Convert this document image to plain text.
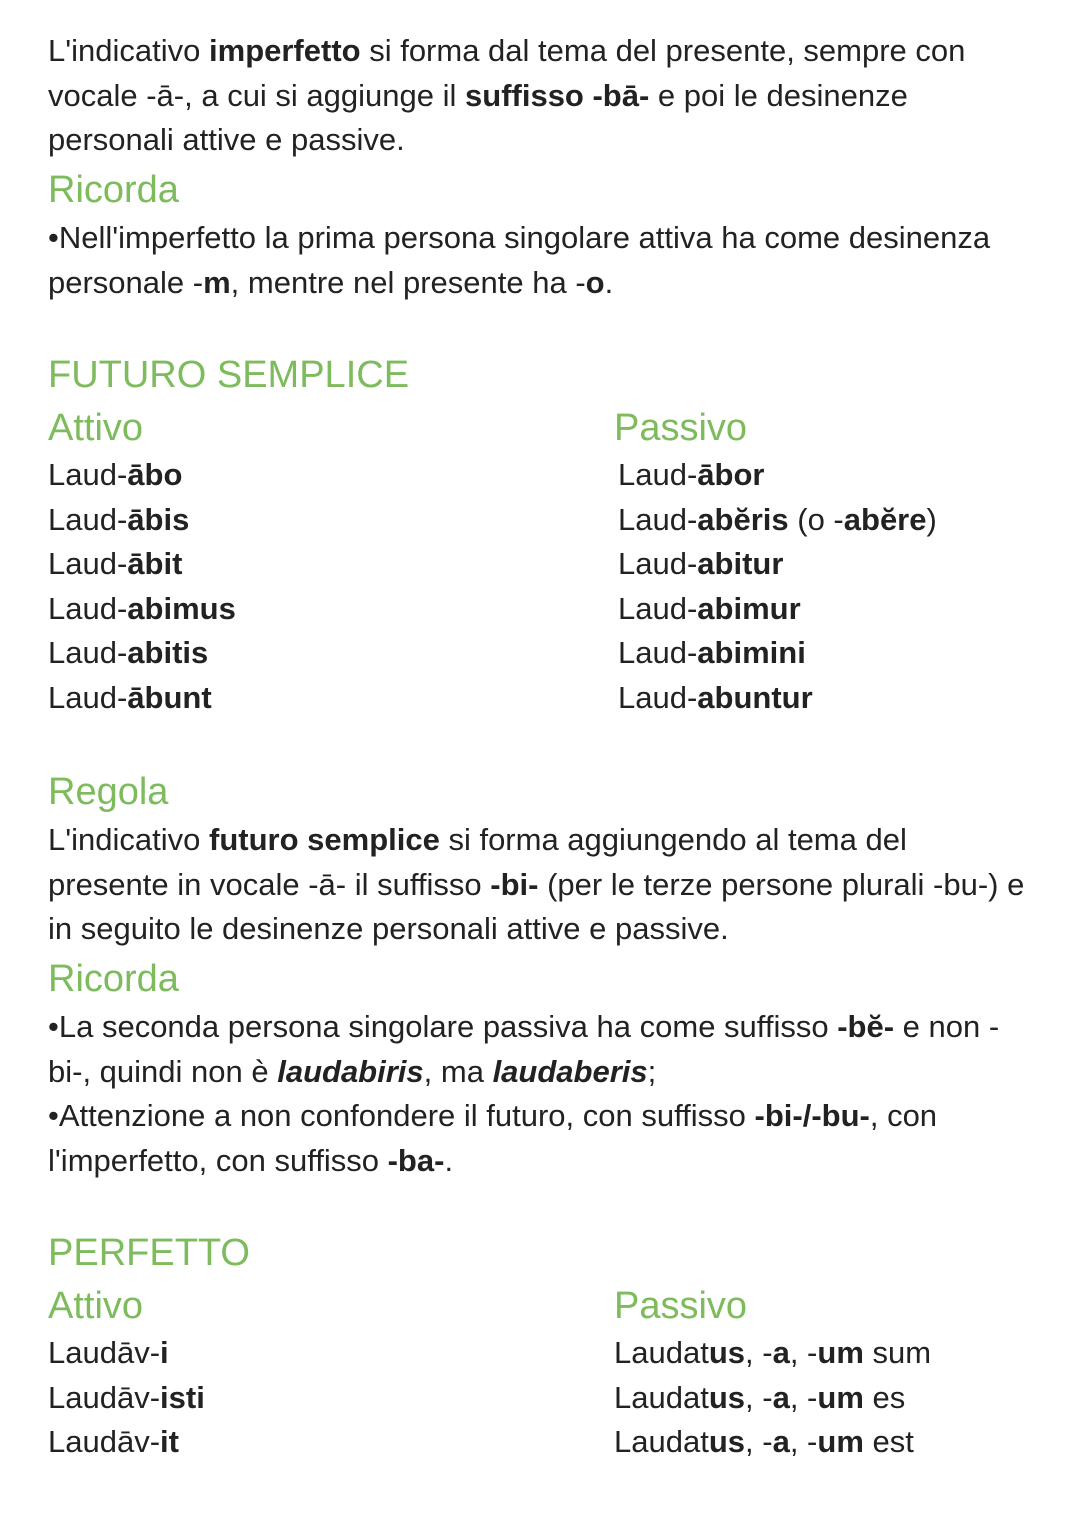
L'indicativo imperfetto si forma dal tema del presente, sempre con vocale -ā-, a cui si aggiunge il suffisso -bā- e poi le desinenze personali attive e passive.

Ricorda

•Nell'imperfetto la prima persona singolare attiva ha come desinenza personale -m, mentre nel presente ha -o.

FUTURO SEMPLICE
Attivo	Passivo
Laud-ābo
Laud-ābis
Laud-ābit
Laud-abimus
Laud-abitis
Laud-ābunt
Laud-ābor
Laud-abĕris (o -abĕre)
Laud-abitur
Laud-abimur
Laud-abimini
Laud-abuntur
Regola

L'indicativo futuro semplice si forma aggiungendo al tema del presente in vocale -ā- il suffisso -bi- (per le terze persone plurali -bu-) e in seguito le desinenze personali attive e passive.

Ricorda

•La seconda persona singolare passiva ha come suffisso -bĕ- e non -bi-, quindi non è laudabiris, ma laudaberis;

•Attenzione a non confondere il futuro, con suffisso -bi-/-bu-, con l'imperfetto, con suffisso -ba-.

PERFETTO
Attivo	Passivo
Laudāv-i
Laudāv-isti
Laudāv-it
Laudatus, -a, -um sum
Laudatus, -a, -um es
Laudatus, -a, -um est
